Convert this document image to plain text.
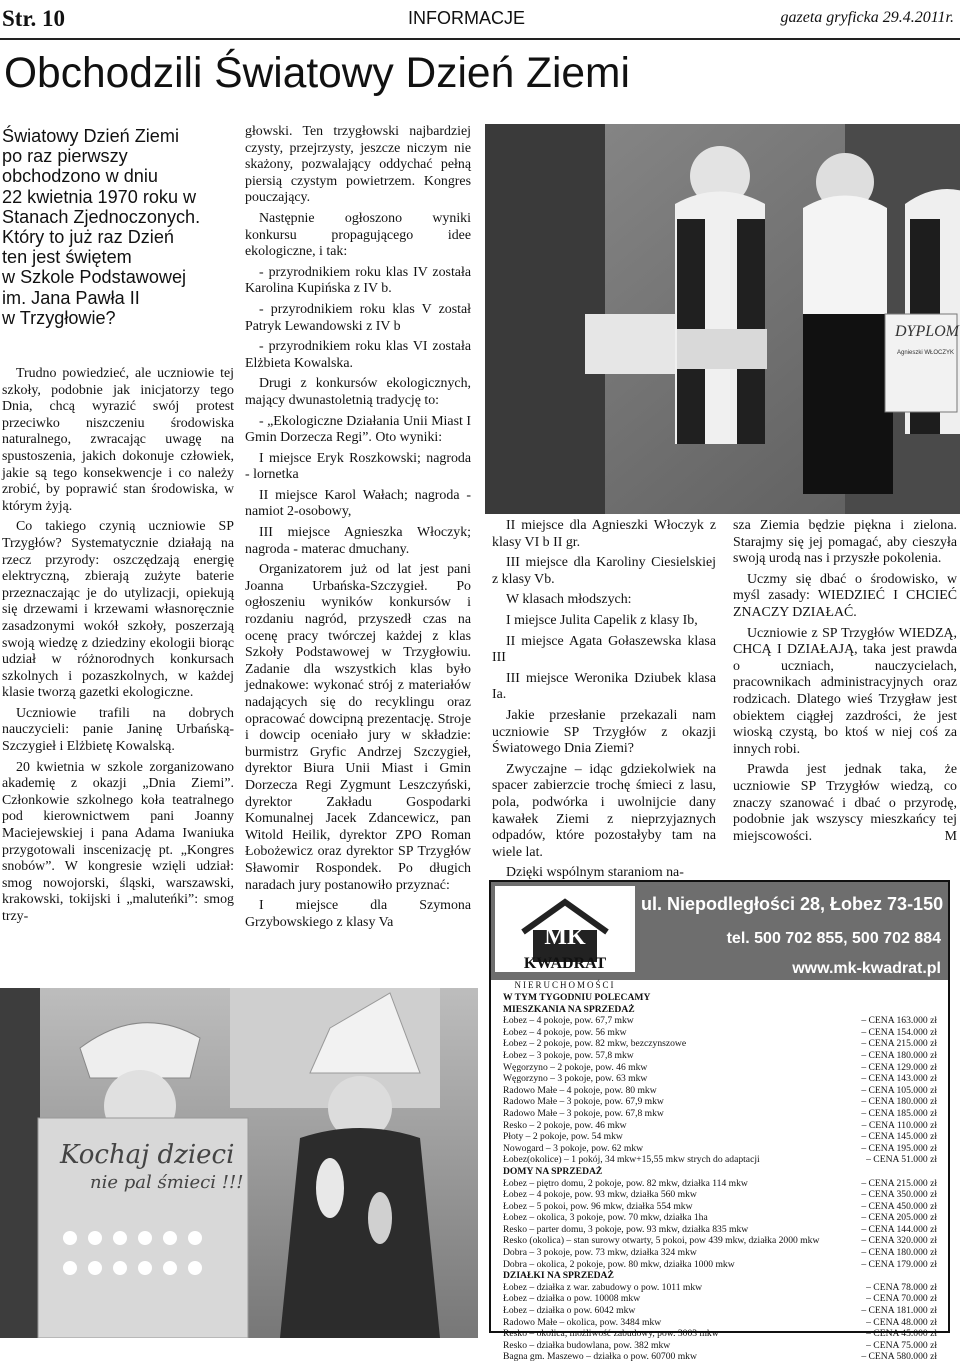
Str. 10	INFORMACJE	gazeta gryficka 29.4.2011r.
Obchodzili Światowy Dzień Ziemi
Światowy Dzień Ziemi
po raz pierwszy
obchodzono w dniu
22 kwietnia 1970 roku w
Stanach Zjednoczonych.
Który to już raz Dzień
ten jest świętem
w Szkole Podstawowej
im. Jana Pawła II
w Trzygłowie?

Trudno powiedzieć, ale uczniowie tej szkoły, podobnie jak inicjatorzy tego Dnia, chcą wyrazić swój protest przeciwko niszczeniu środowiska naturalnego, zwracając uwagę na spustoszenia, jakich dokonuje człowiek, jakie są tego konsekwencje i co należy zrobić, by poprawić stan środowiska, w którym żyją.

Co takiego czynią uczniowie SP Trzygłów? Systematycznie działają na rzecz przyrody: oszczędzają energię elektryczną, zbierają zużyte baterie przeznaczając je do utylizacji, opiekują się drzewami i krzewami własnoręcznie zasadzonymi wokół szkoły, poszerzają swoją wiedzę z dziedziny ekologii biorąc udział w różnorodnych konkursach szkolnych i pozaszkolnych, w każdej klasie tworzą gazetki ekologiczne.

Uczniowie trafili na dobrych nauczycieli: panie Janinę Urbańską-Szczygieł i Elżbietę Kowalską.

20 kwietnia w szkole zorganizowano akademię z okazji „Dnia Ziemi”. Członkowie szkolnego koła teatralnego pod kierownictwem pani Joanny Maciejewskiej i pana Adama Iwaniuka przygotowali inscenizację pt. „Kongres snobów”. W kongresie wzięli udział: smog nowojorski, śląski, warszawski, krakowski, tokijski i „maluteńki”: smog trzy-

głowski. Ten trzygłowski najbardziej czysty, przejrzysty, jeszcze niczym nie skażony, pozwalający oddychać pełną piersią czystym powietrzem. Kongres pouczający.

Następnie ogłoszono wyniki konkursu propagującego idee ekologiczne, i tak:

- przyrodnikiem roku klas IV została Karolina Kupińska z IV b.

- przyrodnikiem roku klas V został Patryk Lewandowski z IV b

- przyrodnikiem roku klas VI została Elżbieta Kowalska.

Drugi z konkursów ekologicznych, mający dwunastoletnią tradycję to:

- „Ekologiczne Działania Unii Miast I Gmin Dorzecza Regi”. Oto wyniki:

I miejsce Eryk Roszkowski; nagroda - lornetka

II miejsce Karol Wałach; nagroda - namiot 2-osobowy,

III miejsce Agnieszka Włoczyk; nagroda - materac dmuchany.

Organizatorem już od lat jest pani Joanna Urbańska-Szczygieł. Po ogłoszeniu wyników konkursów i rozdaniu nagród, przyszedł czas na ocenę pracy twórczej każdej z klas Szkoły Podstawowej w Trzygłowiu. Zadanie dla wszystkich klas było jednakowe: wykonać strój z materiałów nadających się do recyklingu oraz opracować dowcipną prezentację. Stroje i dowcip oceniało jury w składzie: burmistrz Gryfic Andrzej Szczygieł, dyrektor Biura Unii Miast i Gmin Dorzecza Regi Zygmunt Leszczyński, dyrektor Zakładu Gospodarki Komunalnej Jacek Zdancewicz, pan Witold Heilik, dyrektor ZPO Roman Łobożewicz oraz dyrektor SP Trzygłów Sławomir Rospondek. Po długich naradach jury postanowiło przyznać:

I miejsce dla Szymona Grzybowskiego z klasy Va

DYPLOM
Agnieszki WŁOCZYK

II miejsce dla Agnieszki Włoczyk z klasy VI b II gr.

III miejsce dla Karoliny Ciesielskiej z klasy Vb.

W klasach młodszych:

I miejsce Julita Capelik z klasy Ib,

II miejsce Agata Gołaszewska klasa III

III miejsce Weronika Dziubek klasa Ia.

Jakie przesłanie przekazali nam uczniowie SP Trzygłów z okazji Światowego Dnia Ziemi?

Zwyczajne – idąc gdziekolwiek na spacer zabierzcie trochę śmieci z lasu, pola, podwórka i uwolnijcie dany kawałek Ziemi z nieprzyjaznych odpadów, które pozostałyby tam na wiele lat.

Dzięki wspólnym staraniom na-

sza Ziemia będzie piękna i zielona. Starajmy się jej pomagać, aby cieszyła swoją urodą nas i przyszłe pokolenia.

Uczmy się dbać o środowisko, w myśl zasady: WIEDZIEĆ I CHCIEĆ ZNACZY DZIAŁAĆ.

Uczniowie z SP Trzygłów WIEDZĄ, CHCĄ I DZIAŁAJĄ, taka jest prawda o uczniach, nauczycielach, pracownikach administracyjnych oraz rodzicach. Dlatego wieś Trzygław jest obiektem ciągłej zazdrości, że jest wioską czystą, bo ktoś w niej coś za innych robi.

Prawda jest jednak taka, że uczniowie SP Trzygłów wiedzą, co znaczy szanować i dbać o przyrodę, podobnie jak wszyscy mieszkańcy tej miejscowości.	M
Kochaj dzieci
nie pal śmieci !!!
MK
KWADRAT
ul. Niepodległości 28, Łobez 73-150
tel. 500 702 855, 500 702 884
www.mk-kwadrat.pl
NIERUCHOMOŚCI
W TYM TYGODNIU POLECAMY
MIESZKANIA NA SPRZEDAŻ
Łobez – 4 pokoje, pow. 67,7 mkw	– CENA 163.000 zł
Łobez – 4 pokoje, pow. 56 mkw	– CENA 154.000 zł
Łobez – 2 pokoje, pow. 82 mkw, bezczynszowe	– CENA 215.000 zł
Łobez – 3 pokoje, pow. 57,8 mkw	– CENA 180.000 zł
Węgorzyno – 2 pokoje, pow. 46 mkw	– CENA 129.000 zł
Węgorzyno – 3 pokoje, pow. 63 mkw	– CENA 143.000 zł
Radowo Małe – 4 pokoje, pow. 80 mkw	– CENA 105.000 zł
Radowo Małe – 3 pokoje, pow. 67,9 mkw	– CENA 180.000 zł
Radowo Małe – 3 pokoje, pow. 67,8 mkw	– CENA 185.000 zł
Resko – 2 pokoje, pow. 46 mkw	– CENA 110.000 zł
Płoty – 2 pokoje, pow. 54 mkw	– CENA 145.000 zł
Nowogard – 3 pokoje, pow. 62 mkw	– CENA 195.000 zł
Łobez(okolice) – 1 pokój, 34 mkw+15,55 mkw strych do adaptacji	– CENA 51.000 zł
DOMY NA SPRZEDAŻ
Łobez – piętro domu, 2 pokoje, pow. 82 mkw, działka 114 mkw	– CENA 215.000 zł
Łobez – 4 pokoje, pow. 93 mkw, działka 560 mkw	– CENA 350.000 zł
Łobez – 5 pokoi, pow. 96 mkw, działka 554 mkw	– CENA 450.000 zł
Łobez – okolica, 3 pokoje, pow. 70 mkw, działka 1ha	– CENA 205.000 zł
Resko – parter domu, 3 pokoje, pow. 93 mkw, działka 835 mkw	– CENA 144.000 zł
Resko (okolica) – stan surowy otwarty, 5 pokoi, pow 439 mkw, działka 2000 mkw	– CENA 320.000 zł
Dobra – 3 pokoje, pow. 73 mkw, działka 324 mkw	– CENA 180.000 zł
Dobra – okolica, 2 pokoje, pow. 80 mkw, działka 1000 mkw	– CENA 179.000 zł
DZIAŁKI NA SPRZEDAŻ
Łobez – działka z war. zabudowy o pow. 1011 mkw	– CENA 78.000 zł
Łobez – działka o pow. 10008 mkw	– CENA 70.000 zł
Łobez – działka o pow. 6042 mkw	– CENA 181.000 zł
Radowo Małe – okolica, pow. 3484 mkw	– CENA 48.000 zł
Resko – okolica, możliwość zabudowy, pow. 3003 mkw	– CENA 45.000 zł
Resko – działka budowlana, pow. 382 mkw	– CENA 75.000 zł
Bagna gm. Maszewo – działka o pow. 60700 mkw	– CENA 580.000 zł
